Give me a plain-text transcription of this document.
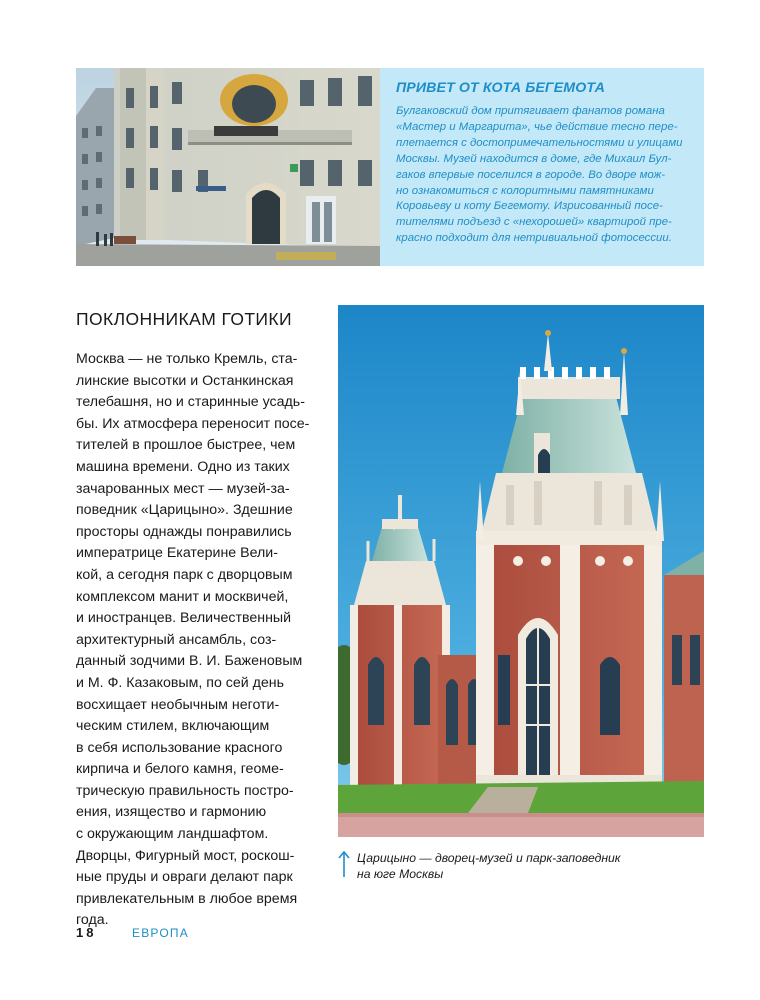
ПРИВЕТ ОТ КОТА БЕГЕМОТА

Булгаковский дом притягивает фанатов романа
«Мастер и Маргарита», чье действие тесно пере-
плетается с достопримечательностями и улицами
Москвы. Музей находится в доме, где Михаил Бул-
гаков впервые поселился в городе. Во дворе мож-
но ознакомиться с колоритными памятниками
Коровьеву и коту Бегемоту. Изрисованный посе-
тителями подъезд с «нехорошей» квартирой пре-
красно подходит для нетривиальной фотосессии.

ПОКЛОННИКАМ ГОТИКИ

Москва — не только Кремль, ста-
линские высотки и Останкинская
телебашня, но и старинные усадь-
бы. Их атмосфера переносит посе-
тителей в прошлое быстрее, чем
машина времени. Одно из таких
зачарованных мест — музей-за-
поведник «Царицыно». Здешние
просторы однажды понравились
императрице Екатерине Вели-
кой, а сегодня парк с дворцовым
комплексом манит и москвичей,
и иностранцев. Величественный
архитектурный ансамбль, соз-
данный зодчими В. И. Баженовым
и М. Ф. Казаковым, по сей день
восхищает необычным неготи-
ческим стилем, включающим
в себя использование красного
кирпича и белого камня, геоме-
трическую правильность постро-
ения, изящество и гармонию
с окружающим ландшафтом.
Дворцы, Фигурный мост, роскош-
ные пруды и овраги делают парк
привлекательным в любое время
года.

Царицыно — дворец-музей и парк-заповедник
на юге Москвы

18	ЕВРОПА
